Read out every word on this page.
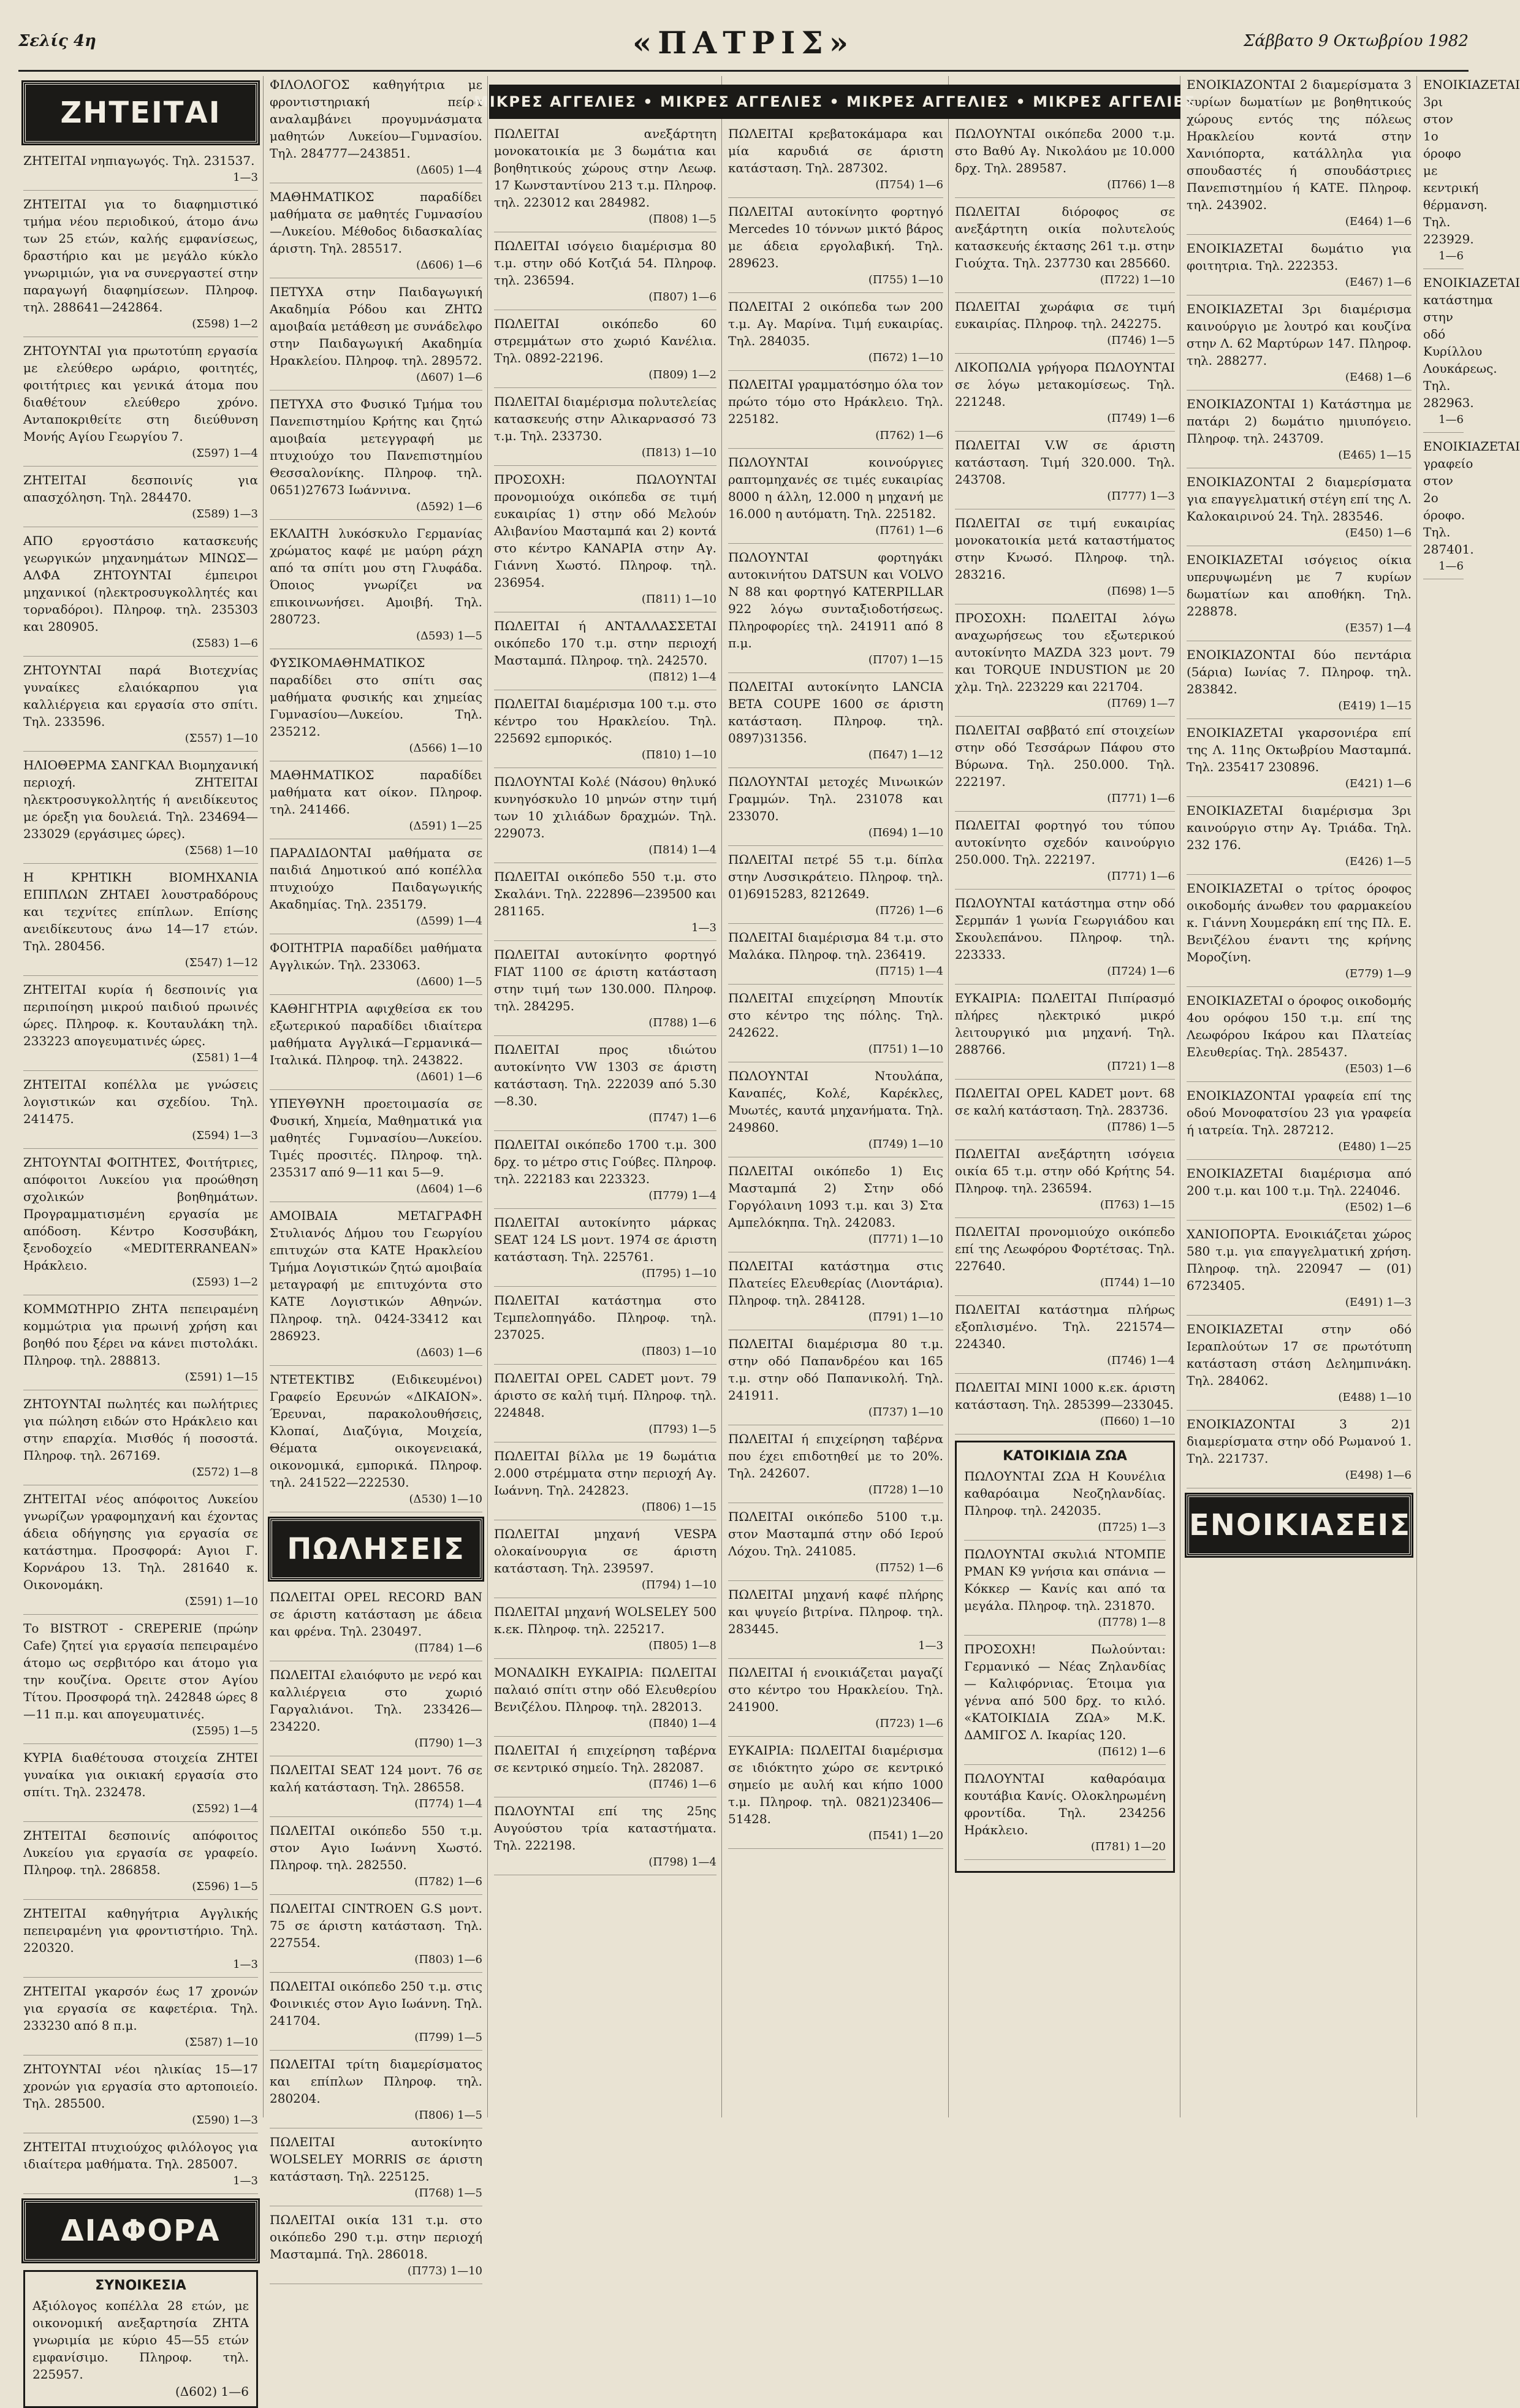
Σελίς 4η	«ΠΑΤΡΙΣ»	Σάββατο 9 Οκτωβρίου 1982
ΖΗΤΕΙΤΑΙ
ΖΗΤΕΙΤΑΙ νηπιαγωγός. Τηλ. 231537.
1—3
ΖΗΤΕΙΤΑΙ για το διαφημιστικό τμήμα νέου περιοδικού, άτομο άνω των 25 ετών, καλής εμφανίσεως, δραστήριο και με μεγάλο κύκλο γνωριμιών, για να συνεργαστεί στην παραγωγή διαφημίσεων. Πληροφ. τηλ. 288641—242864.
(Σ598) 1—2
ΖΗΤΟΥΝΤΑΙ για πρωτοτύπη εργασία με ελεύθερο ωράριο, φοιτητές, φοιτήτριες και γενικά άτομα που διαθέτουν ελεύθερο χρόνο. Ανταποκριθείτε στη διεύθυνση Μονής Αγίου Γεωργίου 7.
(Σ597) 1—4
ΖΗΤΕΙΤΑΙ δεσποινίς για απασχόληση. Τηλ. 284470.
(Σ589) 1—3
ΑΠΟ εργοστάσιο κατασκευής γεωργικών μηχανημάτων ΜΙΝΩΣ—ΑΛΦΑ ΖΗΤΟΥΝΤΑΙ έμπειροι μηχανικοί (ηλεκτροσυγκολλητές και τορναδόροι). Πληροφ. τηλ. 235303 και 280905.
(Σ583) 1—6
ΖΗΤΟΥΝΤΑΙ παρά Βιοτεχνίας γυναίκες ελαιόκαρπου για καλλιέργεια και εργασία στο σπίτι. Τηλ. 233596.
(Σ557) 1—10
ΗΛΙΟΘΕΡΜΑ ΣΑΝΓΚΑΛ Βιομηχανική περιοχή. ΖΗΤΕΙΤΑΙ ηλεκτροσυγκολλητής ή ανειδίκευτος με όρεξη για δουλειά. Τηλ. 234694—233029 (εργάσιμες ώρες).
(Σ568) 1—10
Η ΚΡΗΤΙΚΗ ΒΙΟΜΗΧΑΝΙΑ ΕΠΙΠΛΩΝ ΖΗΤΑΕΙ λουστραδόρους και τεχνίτες επίπλων. Επίσης ανειδίκευτους άνω 14—17 ετών. Τηλ. 280456.
(Σ547) 1—12
ΖΗΤΕΙΤΑΙ κυρία ή δεσποινίς για περιποίηση μικρού παιδιού πρωινές ώρες. Πληροφ. κ. Κουταυλάκη τηλ. 233223 απογευματινές ώρες.
(Σ581) 1—4
ΖΗΤΕΙΤΑΙ κοπέλλα με γνώσεις λογιστικών και σχεδίου. Τηλ. 241475.
(Σ594) 1—3
ΖΗΤΟΥΝΤΑΙ ΦΟΙΤΗΤΕΣ, Φοιτήτριες, απόφοιτοι Λυκείου για προώθηση σχολικών βοηθημάτων. Προγραμματισμένη εργασία με απόδοση. Κέντρο Κοσσυβάκη, ξενοδοχείο «MEDITERRANEAN» Ηράκλειο.
(Σ593) 1—2
ΚΟΜΜΩΤΗΡΙΟ ΖΗΤΑ πεπειραμένη κομμώτρια για πρωινή χρήση και βοηθό που ξέρει να κάνει πιστολάκι. Πληροφ. τηλ. 288813.
(Σ591) 1—15
ΖΗΤΟΥΝΤΑΙ πωλητές και πωλήτριες για πώληση ειδών στο Ηράκλειο και στην επαρχία. Μισθός ή ποσοστά. Πληροφ. τηλ. 267169.
(Σ572) 1—8
ΖΗΤΕΙΤΑΙ νέος απόφοιτος Λυκείου γνωρίζων γραφομηχανή και έχοντας άδεια οδήγησης για εργασία σε κατάστημα. Προσφορά: Αγιοι Γ. Κορνάρου 13. Τηλ. 281640 κ. Οικονομάκη.
(Σ591) 1—10
Το BISTROT - CREPERIE (πρώην Cafe) ζητεί για εργασία πεπειραμένο άτομο ως σερβιτόρο και άτομο για την κουζίνα. Ορειτε στον Αγίου Τίτου. Προσφορά τηλ. 242848 ώρες 8—11 π.μ. και απογευματινές.
(Σ595) 1—5
ΚΥΡΙΑ διαθέτουσα στοιχεία ΖΗΤΕΙ γυναίκα για οικιακή εργασία στο σπίτι. Τηλ. 232478.
(Σ592) 1—4
ΖΗΤΕΙΤΑΙ δεσποινίς απόφοιτος Λυκείου για εργασία σε γραφείο. Πληροφ. τηλ. 286858.
(Σ596) 1—5
ΖΗΤΕΙΤΑΙ καθηγήτρια Αγγλικής πεπειραμένη για φροντιστήριο. Τηλ. 220320.
1—3
ΖΗΤΕΙΤΑΙ γκαρσόν έως 17 χρονών για εργασία σε καφετέρια. Τηλ. 233230 από 8 π.μ.
(Σ587) 1—10
ΖΗΤΟΥΝΤΑΙ νέοι ηλικίας 15—17 χρονών για εργασία στο αρτοποιείο. Τηλ. 285500.
(Σ590) 1—3
ΖΗΤΕΙΤΑΙ πτυχιούχος φιλόλογος για ιδιαίτερα μαθήματα. Τηλ. 285007.
1—3
ΔΙΑΦΟΡΑ
ΣΥΝΟΙΚΕΣΙΑ
Αξιόλογος κοπέλλα 28 ετών, με οικονομική ανεξαρτησία ΖΗΤΑ γνωριμία με κύριο 45—55 ετών εμφανίσιμο. Πληροφ. τηλ. 225957.
(Δ602) 1—6
ΦΙΛΟΛΟΓΟΣ καθηγήτρια με φροντιστηριακή πείρα αναλαμβάνει προγυμνάσματα μαθητών Λυκείου—Γυμνασίου. Τηλ. 284777—243851.
(Δ605) 1—4
ΜΑΘΗΜΑΤΙΚΟΣ παραδίδει μαθήματα σε μαθητές Γυμνασίου—Λυκείου. Μέθοδος διδασκαλίας άριστη. Τηλ. 285517.
(Δ606) 1—6
ΠΕΤΥΧΑ στην Παιδαγωγική Ακαδημία Ρόδου και ΖΗΤΩ αμοιβαία μετάθεση με συνάδελφο στην Παιδαγωγική Ακαδημία Ηρακλείου. Πληροφ. τηλ. 289572.
(Δ607) 1—6
ΠΕΤΥΧΑ στο Φυσικό Τμήμα του Πανεπιστημίου Κρήτης και ζητώ αμοιβαία μετεγγραφή με πτυχιούχο του Πανεπιστημίου Θεσσαλονίκης. Πληροφ. τηλ. 0651)27673 Ιωάννινα.
(Δ592) 1—6
ΕΚΛΑΙΤΗ λυκόσκυλο Γερμανίας χρώματος καφέ με μαύρη ράχη από τα σπίτι μου στη Γλυφάδα. Όποιος γνωρίζει να επικοινωνήσει. Αμοιβή. Τηλ. 280723.
(Δ593) 1—5
ΦΥΣΙΚΟΜΑΘΗΜΑΤΙΚΟΣ παραδίδει στο σπίτι σας μαθήματα φυσικής και χημείας Γυμνασίου—Λυκείου. Τηλ. 235212.
(Δ566) 1—10
ΜΑΘΗΜΑΤΙΚΟΣ παραδίδει μαθήματα κατ οίκον. Πληροφ. τηλ. 241466.
(Δ591) 1—25
ΠΑΡΑΔΙΔΟΝΤΑΙ μαθήματα σε παιδιά Δημοτικού από κοπέλλα πτυχιούχο Παιδαγωγικής Ακαδημίας. Τηλ. 235179.
(Δ599) 1—4
ΦΟΙΤΗΤΡΙΑ παραδίδει μαθήματα Αγγλικών. Τηλ. 233063.
(Δ600) 1—5
ΚΑΘΗΓΗΤΡΙΑ αφιχθείσα εκ του εξωτερικού παραδίδει ιδιαίτερα μαθήματα Αγγλικά—Γερμανικά—Ιταλικά. Πληροφ. τηλ. 243822.
(Δ601) 1—6
ΥΠΕΥΘΥΝΗ προετοιμασία σε Φυσική, Χημεία, Μαθηματικά για μαθητές Γυμνασίου—Λυκείου. Τιμές προσιτές. Πληροφ. τηλ. 235317 από 9—11 και 5—9.
(Δ604) 1—6
ΑΜΟΙΒΑΙΑ ΜΕΤΑΓΡΑΦΗ Στυλιανός Δήμου του Γεωργίου επιτυχών στα ΚΑΤΕ Ηρακλείου Τμήμα Λογιστικών ζητώ αμοιβαία μεταγραφή με επιτυχόντα στο ΚΑΤΕ Λογιστικών Αθηνών. Πληροφ. τηλ. 0424-33412 και 286923.
(Δ603) 1—6
ΝΤΕΤΕΚΤΙΒΣ (Ειδικευμένοι) Γραφείο Ερευνών «ΔΙΚΑΙΟΝ». Έρευναι, παρακολουθήσεις, Κλοπαί, Διαζύγια, Μοιχεία, Θέματα οικογενειακά, οικονομικά, εμπορικά. Πληροφ. τηλ. 241522—222530.
(Δ530) 1—10
ΠΩΛΗΣΕΙΣ
ΠΩΛΕΙΤΑΙ OPEL RECORD BAN σε άριστη κατάσταση με άδεια και φρένα. Τηλ. 230497.
(Π784) 1—6
ΠΩΛΕΙΤΑΙ ελαιόφυτο με νερό και καλλιέργεια στο χωριό Γαργαλιάνοι. Τηλ. 233426—234220.
(Π790) 1—3
ΠΩΛΕΙΤΑΙ SEAT 124 μοντ. 76 σε καλή κατάσταση. Τηλ. 286558.
(Π774) 1—4
ΠΩΛΕΙΤΑΙ οικόπεδο 550 τ.μ. στον Αγιο Ιωάννη Χωστό. Πληροφ. τηλ. 282550.
(Π782) 1—6
ΠΩΛΕΙΤΑΙ CINTROEN G.S μοντ. 75 σε άριστη κατάσταση. Τηλ. 227554.
(Π803) 1—6
ΠΩΛΕΙΤΑΙ οικόπεδο 250 τ.μ. στις Φοινικιές στον Αγιο Ιωάννη. Τηλ. 241704.
(Π799) 1—5
ΠΩΛΕΙΤΑΙ τρίτη διαμερίσματος και επίπλων Πληροφ. τηλ. 280204.
(Π806) 1—5
ΠΩΛΕΙΤΑΙ αυτοκίνητο WOLSELEY MORRIS σε άριστη κατάσταση. Τηλ. 225125.
(Π768) 1—5
ΠΩΛΕΙΤΑΙ οικία 131 τ.μ. στο οικόπεδο 290 τ.μ. στην περιοχή Μασταμπά. Τηλ. 286018.
(Π773) 1—10
ΠΩΛΕΙΤΑΙ ανεξάρτητη μονοκατοικία με 3 δωμάτια και βοηθητικούς χώρους στην Λεωφ. 17 Κωνσταντίνου 213 τ.μ. Πληροφ. τηλ. 223012 και 284982.
(Π808) 1—5
ΠΩΛΕΙΤΑΙ ισόγειο διαμέρισμα 80 τ.μ. στην οδό Κοτζιά 54. Πληροφ. τηλ. 236594.
(Π807) 1—6
ΠΩΛΕΙΤΑΙ οικόπεδο 60 στρεμμάτων στο χωριό Κανέλια. Τηλ. 0892-22196.
(Π809) 1—2
ΠΩΛΕΙΤΑΙ διαμέρισμα πολυτελείας κατασκευής στην Αλικαρνασσό 73 τ.μ. Τηλ. 233730.
(Π813) 1—10
ΠΡΟΣΟΧΗ: ΠΩΛΟΥΝΤΑΙ προνομιούχα οικόπεδα σε τιμή ευκαιρίας 1) στην οδό Μελούν Αλιβανίου Μασταμπά και 2) κοντά στο κέντρο ΚΑΝΑΡΙΑ στην Αγ. Γιάννη Χωστό. Πληροφ. τηλ. 236954.
(Π811) 1—10
ΠΩΛΕΙΤΑΙ ή ΑΝΤΑΛΛΑΣΣΕΤΑΙ οικόπεδο 170 τ.μ. στην περιοχή Μασταμπά. Πληροφ. τηλ. 242570.
(Π812) 1—4
ΠΩΛΕΙΤΑΙ διαμέρισμα 100 τ.μ. στο κέντρο του Ηρακλείου. Τηλ. 225692 εμπορικός.
(Π810) 1—10
ΠΩΛΟΥΝΤΑΙ Κολέ (Νάσου) θηλυκό κυνηγόσκυλο 10 μηνών στην τιμή των 10 χιλιάδων δραχμών. Τηλ. 229073.
(Π814) 1—4
ΠΩΛΕΙΤΑΙ οικόπεδο 550 τ.μ. στο Σκαλάνι. Τηλ. 222896—239500 και 281165.
1—3
ΠΩΛΕΙΤΑΙ αυτοκίνητο φορτηγό FIAT 1100 σε άριστη κατάσταση στην τιμή των 130.000. Πληροφ. τηλ. 284295.
(Π788) 1—6
ΠΩΛΕΙΤΑΙ προς ιδιώτου αυτοκίνητο VW 1303 σε άριστη κατάσταση. Τηλ. 222039 από 5.30—8.30.
(Π747) 1—6
ΠΩΛΕΙΤΑΙ οικόπεδο 1700 τ.μ. 300 δρχ. το μέτρο στις Γούβες. Πληροφ. τηλ. 222183 και 223323.
(Π779) 1—4
ΠΩΛΕΙΤΑΙ αυτοκίνητο μάρκας SEAT 124 LS μοντ. 1974 σε άριστη κατάσταση. Τηλ. 225761.
(Π795) 1—10
ΠΩΛΕΙΤΑΙ κατάστημα στο Τεμπελοπηγάδο. Πληροφ. τηλ. 237025.
(Π803) 1—10
ΠΩΛΕΙΤΑΙ OPEL CADET μοντ. 79 άριστο σε καλή τιμή. Πληροφ. τηλ. 224848.
(Π793) 1—5
ΠΩΛΕΙΤΑΙ βίλλα με 19 δωμάτια 2.000 στρέμματα στην περιοχή Αγ. Ιωάννη. Τηλ. 242823.
(Π806) 1—15
ΠΩΛΕΙΤΑΙ μηχανή VESPA ολοκαίνουργια σε άριστη κατάσταση. Τηλ. 239597.
(Π794) 1—10
ΠΩΛΕΙΤΑΙ μηχανή WOLSELEY 500 κ.εκ. Πληροφ. τηλ. 225217.
(Π805) 1—8
ΜΟΝΑΔΙΚΗ ΕΥΚΑΙΡΙΑ: ΠΩΛΕΙΤΑΙ παλαιό σπίτι στην οδό Ελευθερίου Βενιζέλου. Πληροφ. τηλ. 282013.
(Π840) 1—4
ΠΩΛΕΙΤΑΙ ή επιχείρηση ταβέρνα σε κεντρικό σημείο. Τηλ. 282087.
(Π746) 1—6
ΠΩΛΟΥΝΤΑΙ επί της 25ης Αυγούστου τρία καταστήματα. Τηλ. 222198.
(Π798) 1—4
ΠΩΛΕΙΤΑΙ κρεβατοκάμαρα και μία καρυδιά σε άριστη κατάσταση. Τηλ. 287302.
(Π754) 1—6
ΠΩΛΕΙΤΑΙ αυτοκίνητο φορτηγό Mercedes 10 τόννων μικτό βάρος με άδεια εργολαβική. Τηλ. 289623.
(Π755) 1—10
ΠΩΛΕΙΤΑΙ 2 οικόπεδα των 200 τ.μ. Αγ. Μαρίνα. Τιμή ευκαιρίας. Τηλ. 284035.
(Π672) 1—10
ΠΩΛΕΙΤΑΙ γραμματόσημο όλα τον πρώτο τόμο στο Ηράκλειο. Τηλ. 225182.
(Π762) 1—6
ΠΩΛΟΥΝΤΑΙ κοινούργιες ραπτομηχανές σε τιμές ευκαιρίας 8000 η άλλη, 12.000 η μηχανή με 16.000 η αυτόματη. Τηλ. 225182.
(Π761) 1—6
ΠΩΛΟΥΝΤΑΙ φορτηγάκι αυτοκινήτου DATSUN και VOLVO N 88 και φορτηγό KATERPILLAR 922 λόγω συνταξιοδοτήσεως. Πληροφορίες τηλ. 241911 από 8 π.μ.
(Π707) 1—15
ΠΩΛΕΙΤΑΙ αυτοκίνητο LANCIA BETA COUPE 1600 σε άριστη κατάσταση. Πληροφ. τηλ. 0897)31356.
(Π647) 1—12
ΠΩΛΟΥΝΤΑΙ μετοχές Μινωικών Γραμμών. Τηλ. 231078 και 233070.
(Π694) 1—10
ΠΩΛΕΙΤΑΙ πετρέ 55 τ.μ. δίπλα στην Λυσσικράτειο. Πληροφ. τηλ. 01)6915283, 8212649.
(Π726) 1—6
ΠΩΛΕΙΤΑΙ διαμέρισμα 84 τ.μ. στο Μαλάκα. Πληροφ. τηλ. 236419.
(Π715) 1—4
ΠΩΛΕΙΤΑΙ επιχείρηση Μπουτίκ στο κέντρο της πόλης. Τηλ. 242622.
(Π751) 1—10
ΠΩΛΟΥΝΤΑΙ Ντουλάπα, Καναπές, Κολέ, Καρέκλες, Μυωτές, καυτά μηχανήματα. Τηλ. 249860.
(Π749) 1—10
ΠΩΛΕΙΤΑΙ οικόπεδο 1) Εις Μασταμπά 2) Στην οδό Γοργόλαινη 1093 τ.μ. και 3) Στα Αμπελόκηπα. Τηλ. 242083.
(Π771) 1—10
ΠΩΛΕΙΤΑΙ κατάστημα στις Πλατείες Ελευθερίας (Λιοντάρια). Πληροφ. τηλ. 284128.
(Π791) 1—10
ΠΩΛΕΙΤΑΙ διαμέρισμα 80 τ.μ. στην οδό Παπανδρέου και 165 τ.μ. στην οδό Παπανικολή. Τηλ. 241911.
(Π737) 1—10
ΠΩΛΕΙΤΑΙ ή επιχείρηση ταβέρνα που έχει επιδοτηθεί με το 20%. Τηλ. 242607.
(Π728) 1—10
ΠΩΛΕΙΤΑΙ οικόπεδο 5100 τ.μ. στον Μασταμπά στην οδό Ιερού Λόχου. Τηλ. 241085.
(Π752) 1—6
ΠΩΛΕΙΤΑΙ μηχανή καφέ πλήρης και ψυγείο βιτρίνα. Πληροφ. τηλ. 283445.
1—3
ΠΩΛΕΙΤΑΙ ή ενοικιάζεται μαγαζί στο κέντρο του Ηρακλείου. Τηλ. 241900.
(Π723) 1—6
ΕΥΚΑΙΡΙΑ: ΠΩΛΕΙΤΑΙ διαμέρισμα σε ιδιόκτητο χώρο σε κεντρικό σημείο με αυλή και κήπο 1000 τ.μ. Πληροφ. τηλ. 0821)23406—51428.
(Π541) 1—20
ΠΩΛΟΥΝΤΑΙ οικόπεδα 2000 τ.μ. στο Βαθύ Αγ. Νικολάου με 10.000 δρχ. Τηλ. 289587.
(Π766) 1—8
ΠΩΛΕΙΤΑΙ διόροφος σε ανεξάρτητη οικία πολυτελούς κατασκευής έκτασης 261 τ.μ. στην Γιούχτα. Τηλ. 237730 και 285660.
(Π722) 1—10
ΠΩΛΕΙΤΑΙ χωράφια σε τιμή ευκαιρίας. Πληροφ. τηλ. 242275.
(Π746) 1—5
ΛΙΚΟΠΩΛΙΑ γρήγορα ΠΩΛΟΥΝΤΑΙ σε λόγω μετακομίσεως. Τηλ. 221248.
(Π749) 1—6
ΠΩΛΕΙΤΑΙ V.W σε άριστη κατάσταση. Τιμή 320.000. Τηλ. 243708.
(Π777) 1—3
ΠΩΛΕΙΤΑΙ σε τιμή ευκαιρίας μονοκατοικία μετά καταστήματος στην Κνωσό. Πληροφ. τηλ. 283216.
(Π698) 1—5
ΠΡΟΣΟΧΗ: ΠΩΛΕΙΤΑΙ λόγω αναχωρήσεως του εξωτερικού αυτοκίνητο MAZDA 323 μοντ. 79 και TORQUE INDUSTION με 20 χλμ. Τηλ. 223229 και 221704.
(Π769) 1—7
ΠΩΛΕΙΤΑΙ σαββατό επί στοιχείων στην οδό Τεσσάρων Πάφου στο Βύρωνα. Τηλ. 250.000. Τηλ. 222197.
(Π771) 1—6
ΠΩΛΕΙΤΑΙ φορτηγό του τύπου αυτοκίνητο σχεδόν καινούργιο 250.000. Τηλ. 222197.
(Π771) 1—6
ΠΩΛΟΥΝΤΑΙ κατάστημα στην οδό Σερμπάν 1 γωνία Γεωργιάδου και Σκουλεπάνου. Πληροφ. τηλ. 223333.
(Π724) 1—6
ΕΥΚΑΙΡΙΑ: ΠΩΛΕΙΤΑΙ Πιπίρασμό πλήρες ηλεκτρικό μικρό λειτουργικό μια μηχανή. Τηλ. 288766.
(Π721) 1—8
ΠΩΛΕΙΤΑΙ OPEL KADET μοντ. 68 σε καλή κατάσταση. Τηλ. 283736.
(Π786) 1—5
ΠΩΛΕΙΤΑΙ ανεξάρτητη ισόγεια οικία 65 τ.μ. στην οδό Κρήτης 54. Πληροφ. τηλ. 236594.
(Π763) 1—15
ΠΩΛΕΙΤΑΙ προνομιούχο οικόπεδο επί της Λεωφόρου Φορτέτσας. Τηλ. 227640.
(Π744) 1—10
ΠΩΛΕΙΤΑΙ κατάστημα πλήρως εξοπλισμένο. Τηλ. 221574—224340.
(Π746) 1—4
ΠΩΛΕΙΤΑΙ ΜΙΝΙ 1000 κ.εκ. άριστη κατάσταση. Τηλ. 285399—233045.
(Π660) 1—10
ΚΑΤΟΙΚΙΔΙΑ ΖΩΑ
ΠΩΛΟΥΝΤΑΙ ΖΩΑ Η Κουνέλια καθαρόαιμα Νεοζηλανδίας. Πληροφ. τηλ. 242035.
(Π725) 1—3
ΠΩΛΟΥΝΤΑΙ σκυλιά ΝΤΟΜΠΕ ΡΜΑΝ Κ9 γνήσια και σπάνια — Κόκκερ — Κανίς και από τα μεγάλα. Πληροφ. τηλ. 231870.
(Π778) 1—8
ΠΡΟΣΟΧΗ! Πωλούνται: Γερμανικό — Νέας Ζηλανδίας — Καλιφόρνιας. Έτοιμα για γέννα από 500 δρχ. το κιλό. «ΚΑΤΟΙΚΙΔΙΑ ΖΩΑ» Μ.Κ. ΔΑΜΙΓΟΣ Λ. Ικαρίας 120.
(Π612) 1—6
ΠΩΛΟΥΝΤΑΙ καθαρόαιμα κουτάβια Κανίς. Ολοκληρωμένη φροντίδα. Τηλ. 234256 Ηράκλειο.
(Π781) 1—20
ΕΝΟΙΚΙΑΖΟΝΤΑΙ 2 διαμερίσματα 3 κυρίων δωματίων με βοηθητικούς χώρους εντός της πόλεως Ηρακλείου κοντά στην Χανιόπορτα, κατάλληλα για σπουδαστές ή σπουδάστριες Πανεπιστημίου ή ΚΑΤΕ. Πληροφ. τηλ. 243902.
(Ε464) 1—6
ΕΝΟΙΚΙΑΖΕΤΑΙ δωμάτιο για φοιτητρια. Τηλ. 222353.
(Ε467) 1—6
ΕΝΟΙΚΙΑΖΕΤΑΙ 3ρι διαμέρισμα καινούργιο με λουτρό και κουζίνα στην Λ. 62 Μαρτύρων 147. Πληροφ. τηλ. 288277.
(Ε468) 1—6
ΕΝΟΙΚΙΑΖΟΝΤΑΙ 1) Κατάστημα με πατάρι 2) δωμάτιο ημιυπόγειο. Πληροφ. τηλ. 243709.
(Ε465) 1—15
ΕΝΟΙΚΙΑΖΟΝΤΑΙ 2 διαμερίσματα για επαγγελματική στέγη επί της Λ. Καλοκαιρινού 24. Τηλ. 283546.
(Ε450) 1—6
ΕΝΟΙΚΙΑΖΕΤΑΙ ισόγειος οίκια υπερυψωμένη με 7 κυρίων δωματίων και αποθήκη. Τηλ. 228878.
(Ε357) 1—4
ΕΝΟΙΚΙΑΖΟΝΤΑΙ δύο πεντάρια (5άρια) Ιωνίας 7. Πληροφ. τηλ. 283842.
(Ε419) 1—15
ΕΝΟΙΚΙΑΖΕΤΑΙ γκαρσονιέρα επί της Λ. 11ης Οκτωβρίου Μασταμπά. Τηλ. 235417 230896.
(Ε421) 1—6
ΕΝΟΙΚΙΑΖΕΤΑΙ διαμέρισμα 3ρι καινούργιο στην Αγ. Τριάδα. Τηλ. 232 176.
(Ε426) 1—5
ΕΝΟΙΚΙΑΖΕΤΑΙ ο τρίτος όροφος οικοδομής άνωθεν του φαρμακείου κ. Γιάννη Χουμεράκη επί της Πλ. Ε. Βενιζέλου έναντι της κρήνης Μοροζίνη.
(Ε779) 1—9
ΕΝΟΙΚΙΑΖΕΤΑΙ ο όροφος οικοδομής 4ου ορόφου 150 τ.μ. επί της Λεωφόρου Ικάρου και Πλατείας Ελευθερίας. Τηλ. 285437.
(Ε503) 1—6
ΕΝΟΙΚΙΑΖΟΝΤΑΙ γραφεία επί της οδού Μονοφατσίου 23 για γραφεία ή ιατρεία. Τηλ. 287212.
(Ε480) 1—25
ΕΝΟΙΚΙΑΖΕΤΑΙ διαμέρισμα από 200 τ.μ. και 100 τ.μ. Τηλ. 224046.
(Ε502) 1—6
ΧΑΝΙΟΠΟΡΤΑ. Ενοικιάζεται χώρος 580 τ.μ. για επαγγελματική χρήση. Πληροφ. τηλ. 220947 — (01) 6723405.
(Ε491) 1—3
ΕΝΟΙΚΙΑΖΕΤΑΙ στην οδό Ιεραπλούτων 17 σε πρωτότυπη κατάσταση στάση Δελημπινάκη. Τηλ. 284062.
(Ε488) 1—10
ΕΝΟΙΚΙΑΖΟΝΤΑΙ 3 2)1 διαμερίσματα στην οδό Ρωμανού 1. Τηλ. 221737.
(Ε498) 1—6
ΕΝΟΙΚΙΑΣΕΙΣ
ΕΝΟΙΚΙΑΖΕΤΑΙ 3ρι στον 1ο όροφο με κεντρική θέρμανση. Τηλ. 223929.
1—6
ΕΝΟΙΚΙΑΖΕΤΑΙ κατάστημα στην οδό Κυρίλλου Λουκάρεως. Τηλ. 282963.
1—6
ΕΝΟΙΚΙΑΖΕΤΑΙ γραφείο στον 2ο όροφο. Τηλ. 287401.
1—6
ΜΙΚΡΕΣ ΑΓΓΕΛΙΕΣ • ΜΙΚΡΕΣ ΑΓΓΕΛΙΕΣ • ΜΙΚΡΕΣ ΑΓΓΕΛΙΕΣ • ΜΙΚΡΕΣ ΑΓΓΕΛΙΕΣ
